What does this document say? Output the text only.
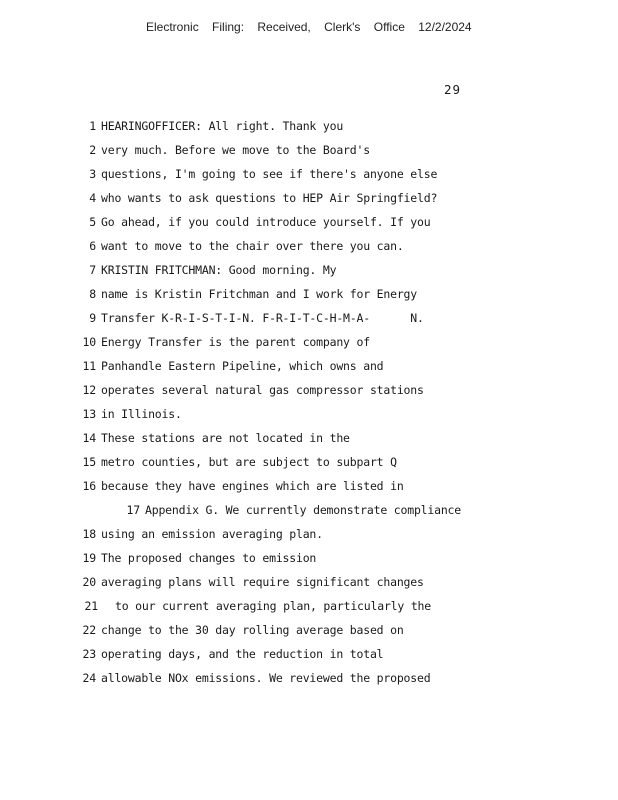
Electronic Filing: Received, Clerk's Office 12/2/2024
29
1 HEARINGOFFICER: All right. Thank you
2 very much. Before we move to the Board's
3 questions, I'm going to see if there's anyone else
4 who wants to ask questions to HEP Air Springfield?
5 Go ahead, if you could introduce yourself. If you
6 want to move to the chair over there you can.
7 KRISTIN FRITCHMAN: Good morning. My
8 name is Kristin Fritchman and I work for Energy
9 Transfer K-R-I-S-T-I-N. F-R-I-T-C-H-M-A-      N.
10 Energy Transfer is the parent company of
11 Panhandle Eastern Pipeline, which owns and
12 operates several natural gas compressor stations
13 in Illinois.
14 These stations are not located in the
15 metro counties, but are subject to subpart Q
16 because they have engines which are listed in
17 Appendix G. We currently demonstrate compliance
18 using an emission averaging plan.
19 The proposed changes to emission
20 averaging plans will require significant changes
21 to our current averaging plan, particularly the
22 change to the 30 day rolling average based on
23 operating days, and the reduction in total
24 allowable NOx emissions. We reviewed the proposed
